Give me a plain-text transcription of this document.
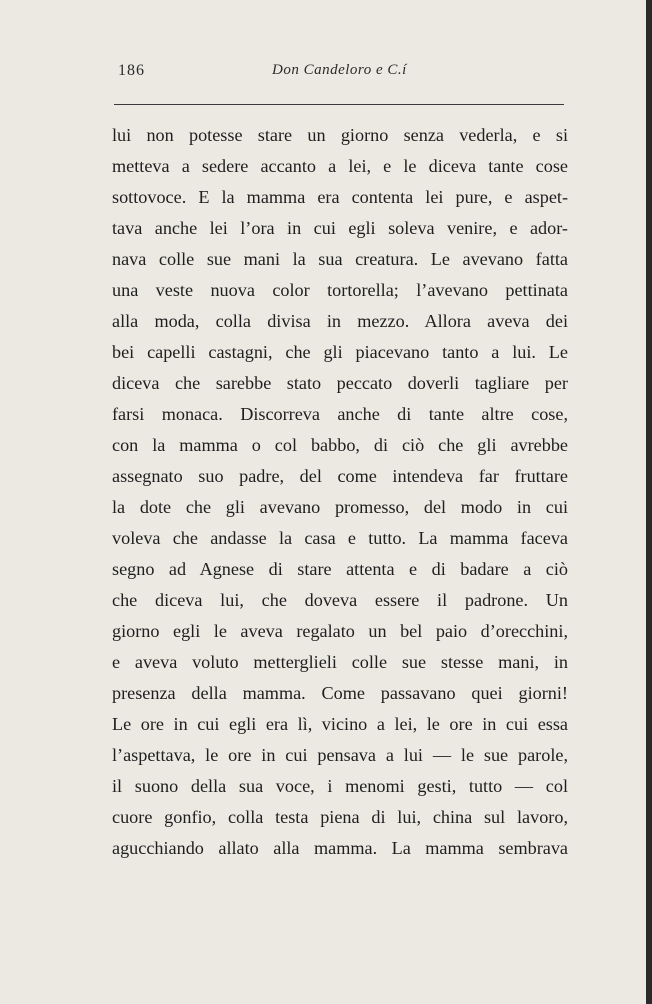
186	Don Candeloro e C.í
lui non potesse stare un giorno senza vederla, e si
metteva a sedere accanto a lei, e le diceva tante cose
sottovoce. E la mamma era contenta lei pure, e aspet-
tava anche lei l’ora in cui egli soleva venire, e ador-
nava colle sue mani la sua creatura. Le avevano fatta
una veste nuova color tortorella; l’avevano pettinata
alla moda, colla divisa in mezzo. Allora aveva dei
bei capelli castagni, che gli piacevano tanto a lui. Le
diceva che sarebbe stato peccato doverli tagliare per
farsi monaca. Discorreva anche di tante altre cose,
con la mamma o col babbo, di ciò che gli avrebbe
assegnato suo padre, del come intendeva far fruttare
la dote che gli avevano promesso, del modo in cui
voleva che andasse la casa e tutto. La mamma faceva
segno ad Agnese di stare attenta e di badare a ciò
che diceva lui, che doveva essere il padrone. Un
giorno egli le aveva regalato un bel paio d’orecchini,
e aveva voluto metterglieli colle sue stesse mani, in
presenza della mamma. Come passavano quei giorni!
Le ore in cui egli era lì, vicino a lei, le ore in cui essa
l’aspettava, le ore in cui pensava a lui — le sue parole,
il suono della sua voce, i menomi gesti, tutto — col
cuore gonfio, colla testa piena di lui, china sul lavoro,
agucchiando allato alla mamma. La mamma sembrava
